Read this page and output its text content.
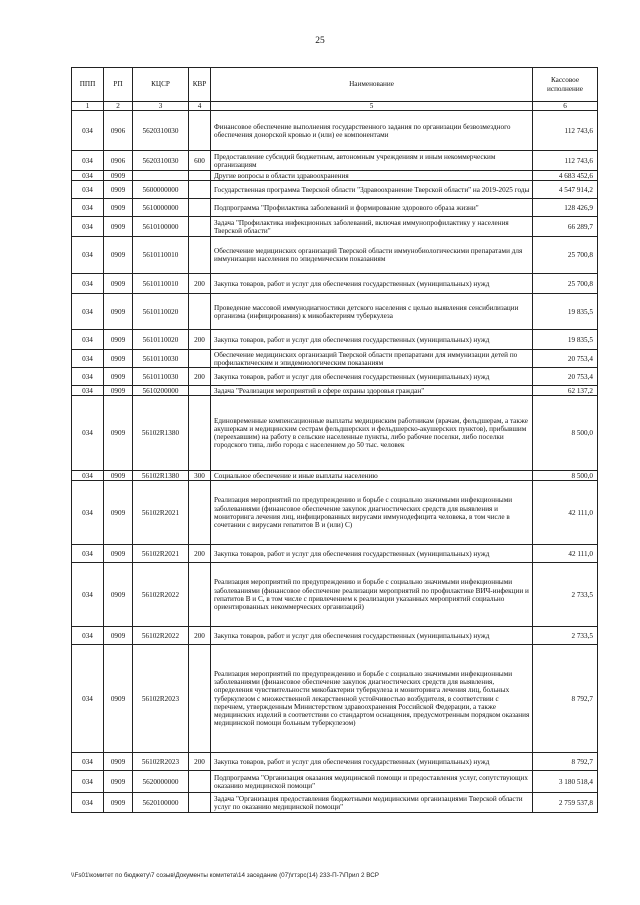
25
ППП	РП	КЦСР	КВР	Наименование	Кассовое исполнение
1	2	3	4	5	6
034	0906	5620310030		Финансовое обеспечение выполнения государственного задания по организации безвозмездного обеспечения донорской кровью и (или) ее компонентами	112 743,6
034	0906	5620310030	600	Предоставление субсидий бюджетным, автономным учреждениям и иным некоммерческим организациям	112 743,6
034	0909			Другие вопросы в области здравоохранения	4 683 452,6
034	0909	5600000000		Государственная программа Тверской области "Здравоохранение Тверской области" на 2019-2025 годы	4 547 914,2
034	0909	5610000000		Подпрограмма "Профилактика заболеваний и формирование здорового образа жизни"	128 426,9
034	0909	5610100000		Задача "Профилактика инфекционных заболеваний, включая иммунопрофилактику у населения Тверской области"	66 289,7
034	0909	5610110010		Обеспечение медицинских организаций Тверской области иммунобиологическими препаратами для иммунизации населения по эпидемическим показаниям	25 700,8
034	0909	5610110010	200	Закупка товаров, работ и услуг для обеспечения государственных (муниципальных) нужд	25 700,8
034	0909	5610110020		Проведение массовой иммунодиагностики детского населения с целью выявления сенсибилизации организма (инфицирования) к микобактериям туберкулеза	19 835,5
034	0909	5610110020	200	Закупка товаров, работ и услуг для обеспечения государственных (муниципальных) нужд	19 835,5
034	0909	5610110030		Обеспечение медицинских организаций Тверской области препаратами для иммунизации детей по профилактическим и эпидемиологическим показаниям	20 753,4
034	0909	5610110030	200	Закупка товаров, работ и услуг для обеспечения государственных (муниципальных) нужд	20 753,4
034	0909	5610200000		Задача "Реализация мероприятий в сфере охраны здоровья граждан"	62 137,2
034	0909	56102R1380		Единовременные компенсационные выплаты медицинским работникам (врачам, фельдшерам, а также акушеркам и медицинским сестрам фельдшерских и фельдшерско-акушерских пунктов), прибывшим (переехавшим) на работу в сельские населенные пункты, либо рабочие поселки, либо поселки городского типа, либо города с населением до 50 тыс. человек	8 500,0
034	0909	56102R1380	300	Социальное обеспечение и иные выплаты населению	8 500,0
034	0909	56102R2021		Реализация мероприятий по предупреждению и борьбе с социально значимыми инфекционными заболеваниями (финансовое обеспечение закупок диагностических средств для выявления и мониторинга лечения лиц, инфицированных вирусами иммунодефицита человека, в том числе в сочетании с вирусами гепатитов В и (или) С)	42 111,0
034	0909	56102R2021	200	Закупка товаров, работ и услуг для обеспечения государственных (муниципальных) нужд	42 111,0
034	0909	56102R2022		Реализация мероприятий по предупреждению и борьбе с социально значимыми инфекционными заболеваниями (финансовое обеспечение реализации мероприятий по профилактике ВИЧ-инфекции и гепатитов В и С, в том числе с привлечением к реализации указанных мероприятий социально ориентированных некоммерческих организаций)	2 733,5
034	0909	56102R2022	200	Закупка товаров, работ и услуг для обеспечения государственных (муниципальных) нужд	2 733,5
034	0909	56102R2023		Реализация мероприятий по предупреждению и борьбе с социально значимыми инфекционными заболеваниями (финансовое обеспечение закупок диагностических средств для выявления, определения чувствительности микобактерии туберкулеза и мониторинга лечения лиц, больных туберкулезом с множественной лекарственной устойчивостью возбудителя, в соответствии с перечнем, утвержденным Министерством здравоохранения Российской Федерации, а также медицинских изделий в соответствии со стандартом оснащения, предусмотренным порядком оказания медицинской помощи больным туберкулезом)	8 792,7
034	0909	56102R2023	200	Закупка товаров, работ и услуг для обеспечения государственных (муниципальных) нужд	8 792,7
034	0909	5620000000		Подпрограмма "Организация оказания медицинской помощи и предоставления услуг, сопутствующих оказанию медицинской помощи"	3 180 518,4
034	0909	5620100000		Задача "Организация предоставления бюджетными медицинскими организациями Тверской области услуг по оказанию медицинской помощи"	2 759 537,8
\\Fs01\комитет по бюджету\7 созыв\Документы комитета\14 заседание (07)\rтзрс(14) 233-П-7\Прил 2 ВСР
